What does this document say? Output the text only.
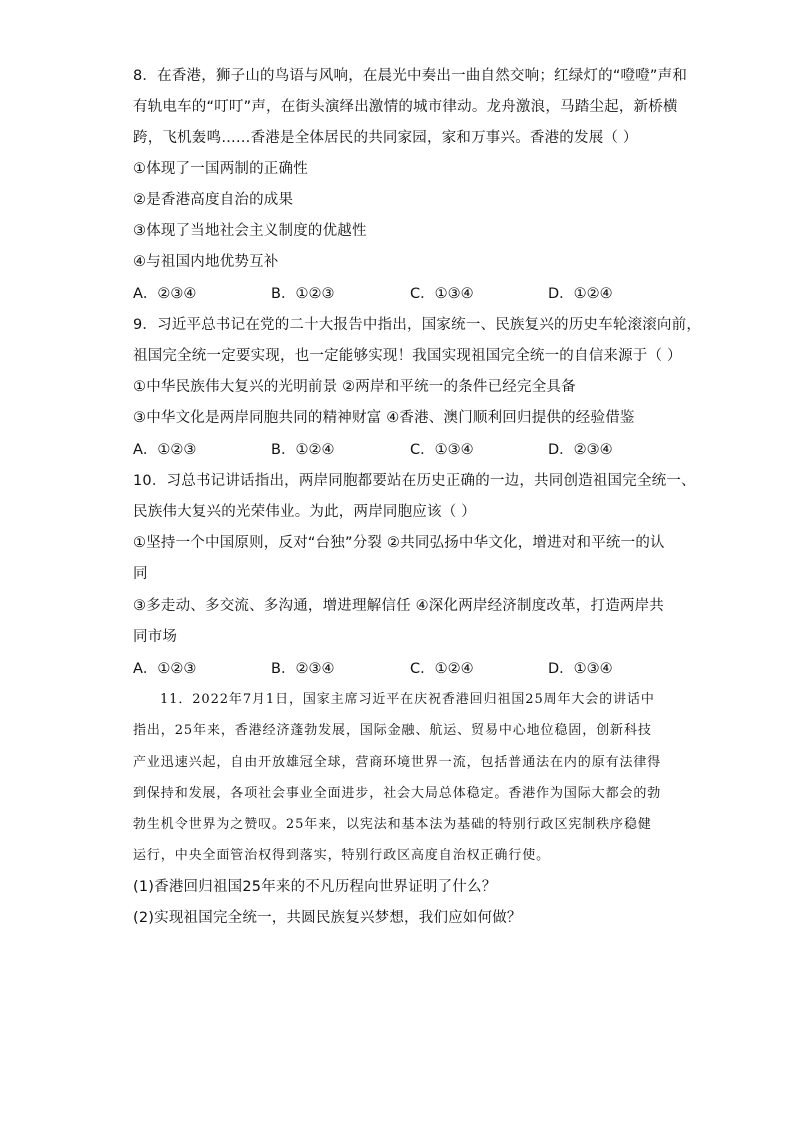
8．在香港，狮子山的鸟语与风响，在晨光中奏出一曲自然交响；红绿灯的“噔噔”声和
有轨电车的“叮叮”声，在街头演绎出激情的城市律动。龙舟激浪，马踏尘起，新桥横
跨，飞机轰鸣……香港是全体居民的共同家园，家和万事兴。香港的发展（ ）
①体现了一国两制的正确性
②是香港高度自治的成果
③体现了当地社会主义制度的优越性
④与祖国内地优势互补
A．②③④	B．①②③	C．①③④	D．①②④
9．习近平总书记在党的二十大报告中指出，国家统一、民族复兴的历史车轮滚滚向前，
祖国完全统一定要实现，也一定能够实现！我国实现祖国完全统一的自信来源于（ ）
①中华民族伟大复兴的光明前景 ②两岸和平统一的条件已经完全具备
③中华文化是两岸同胞共同的精神财富 ④香港、澳门顺利回归提供的经验借鉴
A．①②③	B．①②④	C．①③④	D．②③④
10．习总书记讲话指出，两岸同胞都要站在历史正确的一边，共同创造祖国完全统一、
民族伟大复兴的光荣伟业。为此，两岸同胞应该（ ）
①坚持一个中国原则，反对“台独”分裂 ②共同弘扬中华文化，增进对和平统一的认
同
③多走动、多交流、多沟通，增进理解信任 ④深化两岸经济制度改革，打造两岸共
同市场
A．①②③	B．②③④	C．①②④	D．①③④
11．2022年7月1日，国家主席习近平在庆祝香港回归祖国25周年大会的讲话中
指出，25年来，香港经济蓬勃发展，国际金融、航运、贸易中心地位稳固，创新科技
产业迅速兴起，自由开放雄冠全球，营商环境世界一流，包括普通法在内的原有法律得
到保持和发展，各项社会事业全面进步，社会大局总体稳定。香港作为国际大都会的勃
勃生机令世界为之赞叹。25年来，以宪法和基本法为基础的特别行政区宪制秩序稳健
运行，中央全面管治权得到落实，特别行政区高度自治权正确行使。
(1)香港回归祖国25年来的不凡历程向世界证明了什么？
(2)实现祖国完全统一，共圆民族复兴梦想，我们应如何做？
